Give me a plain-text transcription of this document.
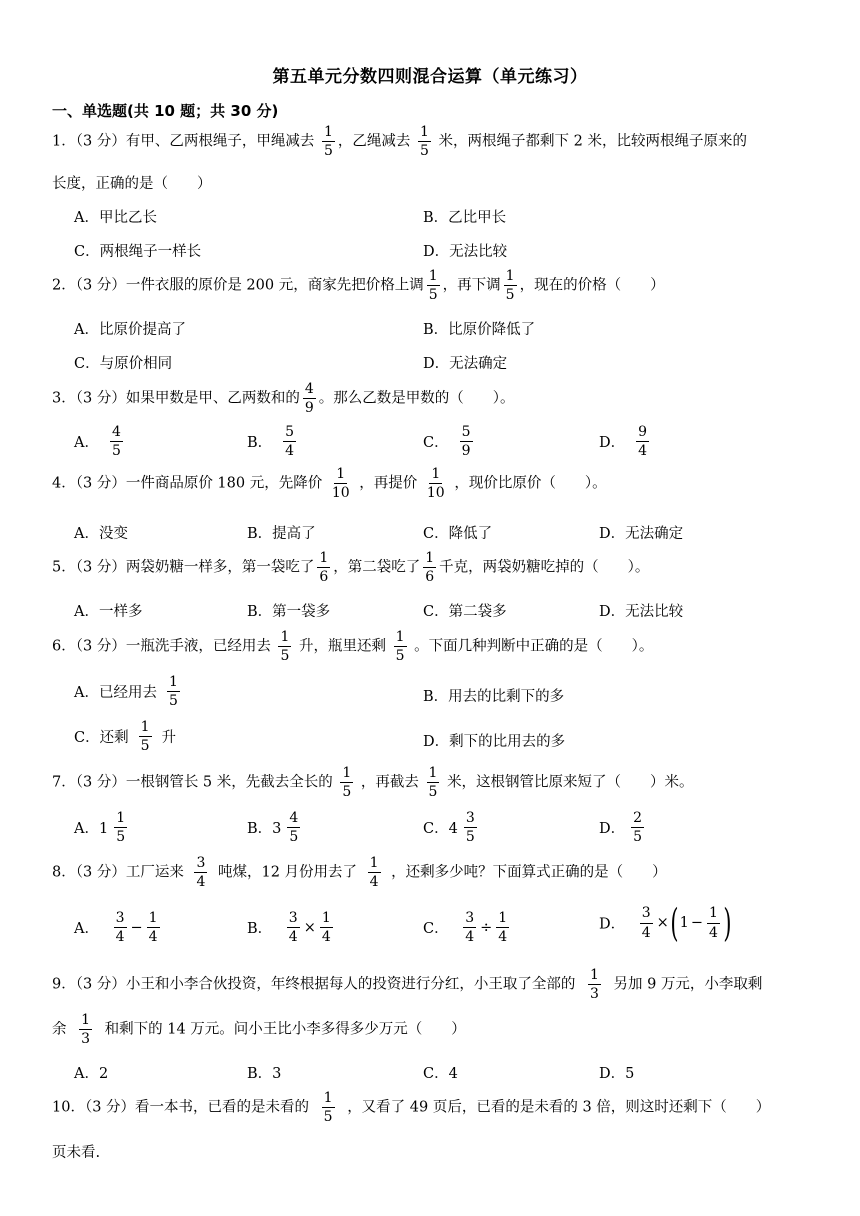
第五单元分数四则混合运算（单元练习）
一、单选题(共 10 题；共 30 分)
1．（3 分）有甲、乙两根绳子，甲绳减去 $\frac{1}{5}$ ，乙绳减去 $\frac{1}{5}$ 米，两根绳子都剩下 2 米，比较两根绳子原来的
长度，正确的是（　　）
A．甲比乙长	B．乙比甲长
C．两根绳子一样长	D．无法比较
2．（3 分）一件衣服的原价是 200 元，商家先把价格上调 $\frac{1}{5}$ ，再下调 $\frac{1}{5}$ ，现在的价格（　　）
A．比原价提高了	B．比原价降低了
C．与原价相同	D．无法确定
3．（3 分）如果甲数是甲、乙两数和的 $\frac{4}{9}$ 。那么乙数是甲数的（　　）。
A． $\frac{4}{5}$	B． $\frac{5}{4}$	C． $\frac{5}{9}$	D． $\frac{9}{4}$
4．（3 分）一件商品原价 180 元，先降价 $\frac{1}{10}$ ，再提价 $\frac{1}{10}$ ，现价比原价（　　）。
A．没变	B．提高了	C．降低了	D．无法确定
5．（3 分）两袋奶糖一样多，第一袋吃了 $\frac{1}{6}$ ，第二袋吃了 $\frac{1}{6}$ 千克，两袋奶糖吃掉的（　　）。
A．一样多	B．第一袋多	C．第二袋多	D．无法比较
6．（3 分）一瓶洗手液，已经用去 $\frac{1}{5}$ 升，瓶里还剩 $\frac{1}{5}$ 。下面几种判断中正确的是（　　）。
A．已经用去 $\frac{1}{5}$	B．用去的比剩下的多
C．还剩 $\frac{1}{5}$ 升	D．剩下的比用去的多
7．（3 分）一根钢管长 5 米，先截去全长的 $\frac{1}{5}$ ，再截去 $\frac{1}{5}$ 米，这根钢管比原来短了（　　）米。
A．$1 \frac{1}{5}$	B．$3 \frac{4}{5}$	C．$4 \frac{3}{5}$	D． $\frac{2}{5}$
8．（3 分）工厂运来 $\frac{3}{4}$ 吨煤，12 月份用去了 $\frac{1}{4}$ ，还剩多少吨？下面算式正确的是（　　）
A． $\frac{3}{4} - \frac{1}{4}$	B． $\frac{3}{4} \times \frac{1}{4}$	C． $\frac{3}{4} \div \frac{1}{4}$	D． $\frac{3}{4} \times(1 - \frac{1}{4}$ )
9．（3 分）小王和小李合伙投资，年终根据每人的投资进行分红，小王取了全部的 $\frac{1}{3}$ 另加 9 万元，小李取剩
余 $\frac{1}{3}$ 和剩下的 14 万元。问小王比小李多得多少万元（　　）
A．2	B．3	C．4	D．5
10．（3 分）看一本书，已看的是未看的 $\frac{1}{5}$ ，又看了 49 页后，已看的是未看的 3 倍，则这时还剩下（　　）
页未看.
